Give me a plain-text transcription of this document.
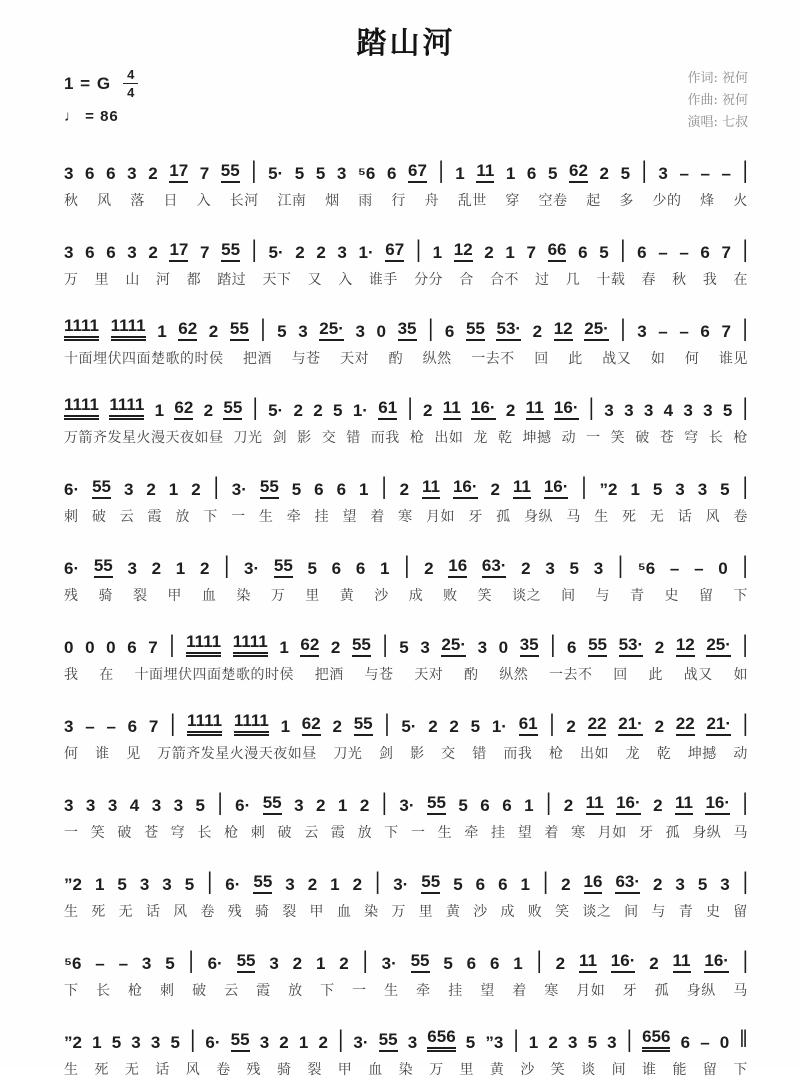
踏山河
1 = G $\frac{4}{4}$
♩ = 86
作词: 祝何
作曲: 祝何
演唱: 七叔
3 6 6 3 2 17 7 55 | 5· 5 5 3 ⁵6 6 67 | 1 11 1 6 5 62 2 5 | 3 – – – |
秋 风 落 日 入 长河 江南 烟 雨 行 舟 乱世 穿 空卷 起 多 少的 烽 火
3 6 6 3 2 17 7 55 | 5· 2 2 3 1· 67 | 1 12 2 1 7 66 6 5 | 6 – – 6 7 |
万 里 山 河 都 踏过 天下 又 入 谁手 分分 合 合不 过 几 十载 春 秋 我 在
1111 1111 1 62 2 55 | 5 3 25· 3 0 35 | 6 55 53· 2 12 25· | 3 – – 6 7 |
十面埋伏四面楚歌的时侯 把酒 与苍 天对 酌 纵然 一去不 回 此 战又 如 何 谁见
1111 1111 1 62 2 55 | 5· 2 2 5 1· 61 | 2 11 16· 2 11 16· | 3 3 3 4 3 3 5 |
万箭齐发星火漫天夜如昼 刀光 剑 影 交 错 而我 枪 出如 龙 乾 坤撼 动 一 笑 破 苍 穹 长 枪
6· 55 3 2 1 2 | 3· 55 5 6 6 1 | 2 11 16· 2 11 16· | ”2 1 5 3 3 5 |
刺 破 云 霞 放 下 一 生 牵 挂 望 着 寒 月如 牙 孤 身纵 马 生 死 无 话 风 卷
6· 55 3 2 1 2 | 3· 55 5 6 6 1 | 2 16 63· 2 3 5 3 | ⁵6 – – 0 |
残 骑 裂 甲 血 染 万 里 黄 沙 成 败 笑 谈之 间 与 青 史 留 下
0 0 0 6 7 | 1111 1111 1 62 2 55 | 5 3 25· 3 0 35 | 6 55 53· 2 12 25· |
我 在 十面埋伏四面楚歌的时侯 把酒 与苍 天对 酌 纵然 一去不 回 此 战又 如
3 – – 6 7 | 1111 1111 1 62 2 55 | 5· 2 2 5 1· 61 | 2 22 21· 2 22 21· |
何 谁 见 万箭齐发星火漫天夜如昼 刀光 剑 影 交 错 而我 枪 出如 龙 乾 坤撼 动
3 3 3 4 3 3 5 | 6· 55 3 2 1 2 | 3· 55 5 6 6 1 | 2 11 16· 2 11 16· |
一 笑 破 苍 穹 长 枪 刺 破 云 霞 放 下 一 生 牵 挂 望 着 寒 月如 牙 孤 身纵 马
”2 1 5 3 3 5 | 6· 55 3 2 1 2 | 3· 55 5 6 6 1 | 2 16 63· 2 3 5 3 |
生 死 无 话 风 卷 残 骑 裂 甲 血 染 万 里 黄 沙 成 败 笑 谈之 间 与 青 史 留
⁵6 – – 3 5 | 6· 55 3 2 1 2 | 3· 55 5 6 6 1 | 2 11 16· 2 11 16· |
下 长 枪 刺 破 云 霞 放 下 一 生 牵 挂 望 着 寒 月如 牙 孤 身纵 马
”2 1 5 3 3 5 | 6· 55 3 2 1 2 | 3· 55 3 656 5 ”3 | 1 2 3 5 3 | 656 6 – 0 ‖
生 死 无 话 风 卷 残 骑 裂 甲 血 染 万 里 黄 沙 笑 谈 间 谁 能 留 下
